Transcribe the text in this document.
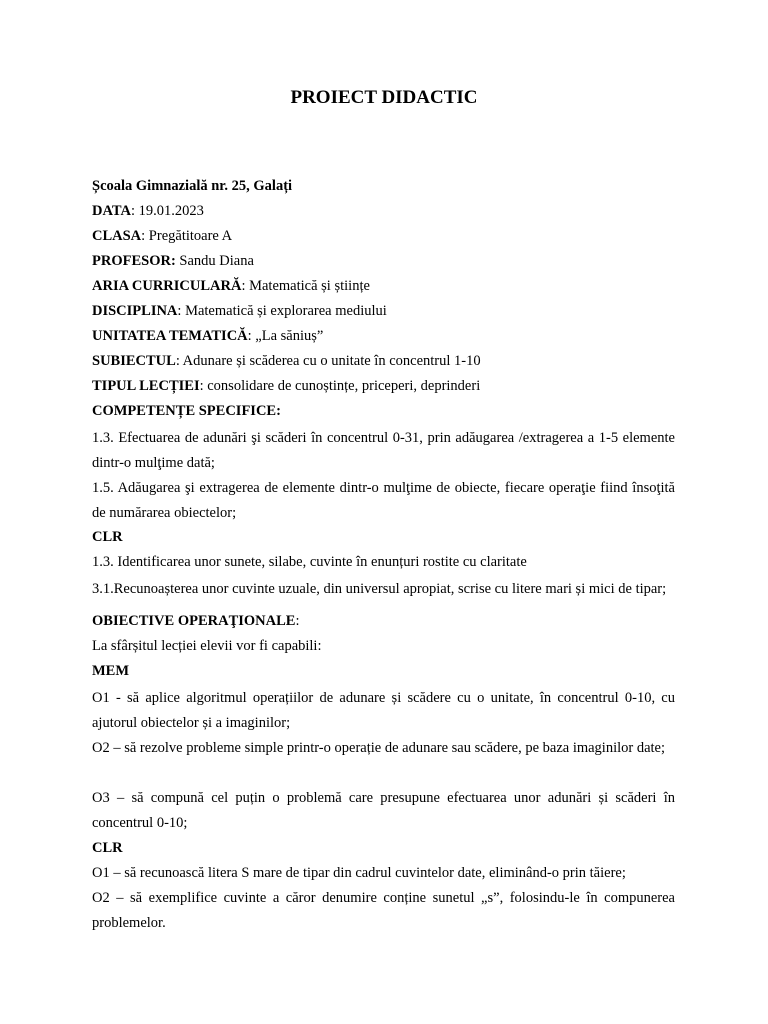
PROIECT DIDACTIC
Școala Gimnazială nr. 25, Galați
DATA: 19.01.2023
CLASA: Pregătitoare A
PROFESOR: Sandu Diana
ARIA CURRICULARĂ: Matematică și științe
DISCIPLINA: Matematică și explorarea mediului
UNITATEA TEMATICĂ: „La săniuș”
SUBIECTUL: Adunare și scăderea cu o unitate în concentrul 1-10
TIPUL LECȚIEI: consolidare de cunoștințe, priceperi, deprinderi
COMPETENȚE SPECIFICE:
1.3. Efectuarea de adunări şi scăderi în concentrul 0-31, prin adăugarea /extragerea a 1-5 elemente dintr-o mulţime dată;
1.5. Adăugarea şi extragerea de elemente dintr-o mulţime de obiecte, fiecare operaţie fiind însoţită de numărarea obiectelor;
CLR
1.3. Identificarea unor sunete, silabe, cuvinte în enunțuri rostite cu claritate
3.1.Recunoașterea unor cuvinte uzuale, din universul apropiat, scrise cu litere mari și mici de tipar;
OBIECTIVE OPERAŢIONALE:
La sfârșitul lecției elevii vor fi capabili:
MEM
O1 - să aplice algoritmul operațiilor de adunare și scădere cu o unitate, în concentrul 0-10, cu ajutorul obiectelor și a imaginilor;
O2 – să rezolve probleme simple printr-o operație de adunare sau scădere, pe baza imaginilor date;
O3 – să compună cel puțin o problemă care presupune efectuarea unor adunări și scăderi în concentrul 0-10;
CLR
O1 – să recunoască litera S mare de tipar din cadrul cuvintelor date, eliminând-o prin tăiere;
O2 – să exemplifice cuvinte a căror denumire conține sunetul „s”, folosindu-le în compunerea problemelor.
